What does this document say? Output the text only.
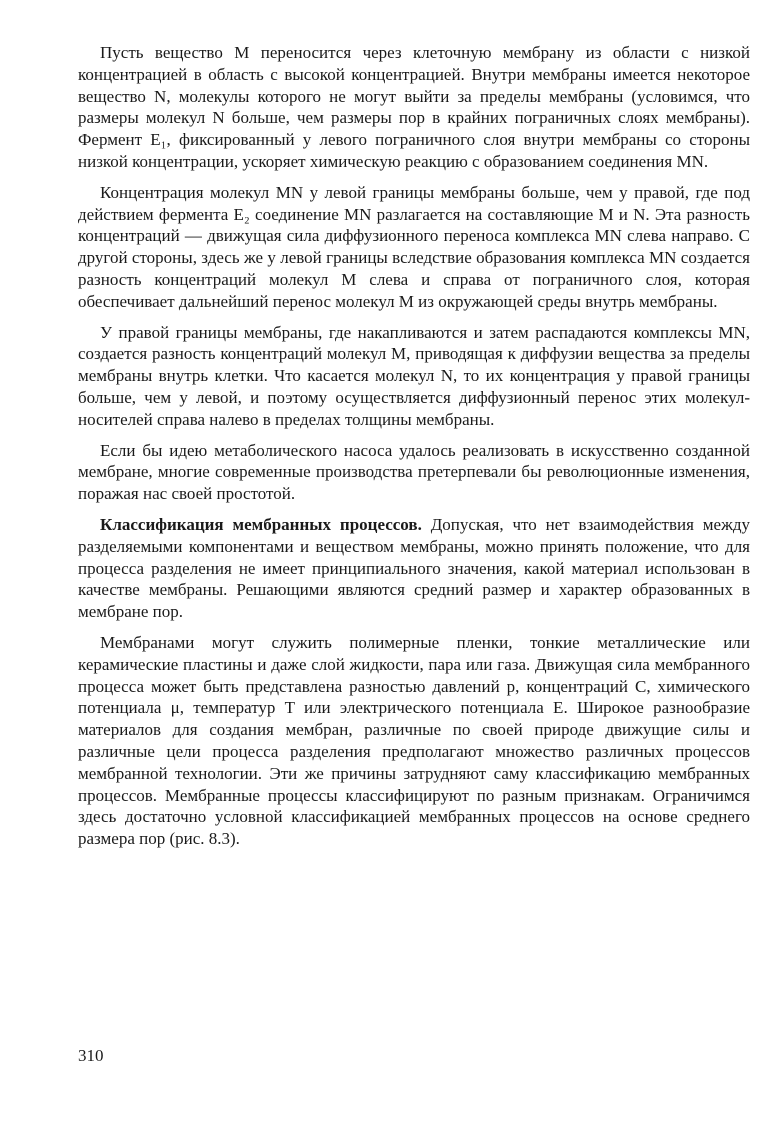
Пусть вещество M переносится через клеточную мембрану из области с низкой концентрацией в область с высокой концентрацией. Внутри мембраны имеется некоторое вещество N, молекулы которого не могут выйти за пределы мембраны (условимся, что размеры молекул N больше, чем размеры пор в крайних пограничных слоях мембраны). Фермент E₁, фиксированный у левого пограничного слоя внутри мембраны со стороны низкой концентрации, ускоряет химическую реакцию с образованием соединения MN.

Концентрация молекул MN у левой границы мембраны больше, чем у правой, где под действием фермента E₂ соединение MN разлагается на составляющие M и N. Эта разность концентраций — движущая сила диффузионного переноса комплекса MN слева направо. С другой стороны, здесь же у левой границы вследствие образования комплекса MN создается разность концентраций молекул M слева и справа от пограничного слоя, которая обеспечивает дальнейший перенос молекул M из окружающей среды внутрь мембраны.

У правой границы мембраны, где накапливаются и затем распадаются комплексы MN, создается разность концентраций молекул M, приводящая к диффузии вещества за пределы мембраны внутрь клетки. Что касается молекул N, то их концентрация у правой границы больше, чем у левой, и поэтому осуществляется диффузионный перенос этих молекул-носителей справа налево в пределах толщины мембраны.

Если бы идею метаболического насоса удалось реализовать в искусственно созданной мембране, многие современные производства претерпевали бы революционные изменения, поражая нас своей простотой.

Классификация мембранных процессов. Допуская, что нет взаимодействия между разделяемыми компонентами и веществом мембраны, можно принять положение, что для процесса разделения не имеет принципиального значения, какой материал использован в качестве мембраны. Решающими являются средний размер и характер образованных в мембране пор.

Мембранами могут служить полимерные пленки, тонкие металлические или керамические пластины и даже слой жидкости, пара или газа. Движущая сила мембранного процесса может быть представлена разностью давлений p, концентраций C, химического потенциала μ, температур T или электрического потенциала E. Широкое разнообразие материалов для создания мембран, различные по своей природе движущие силы и различные цели процесса разделения предполагают множество различных процессов мембранной технологии. Эти же причины затрудняют саму классификацию мембранных процессов. Мембранные процессы классифицируют по разным признакам. Ограничимся здесь достаточно условной классификацией мембранных процессов на основе среднего размера пор (рис. 8.3).

310
